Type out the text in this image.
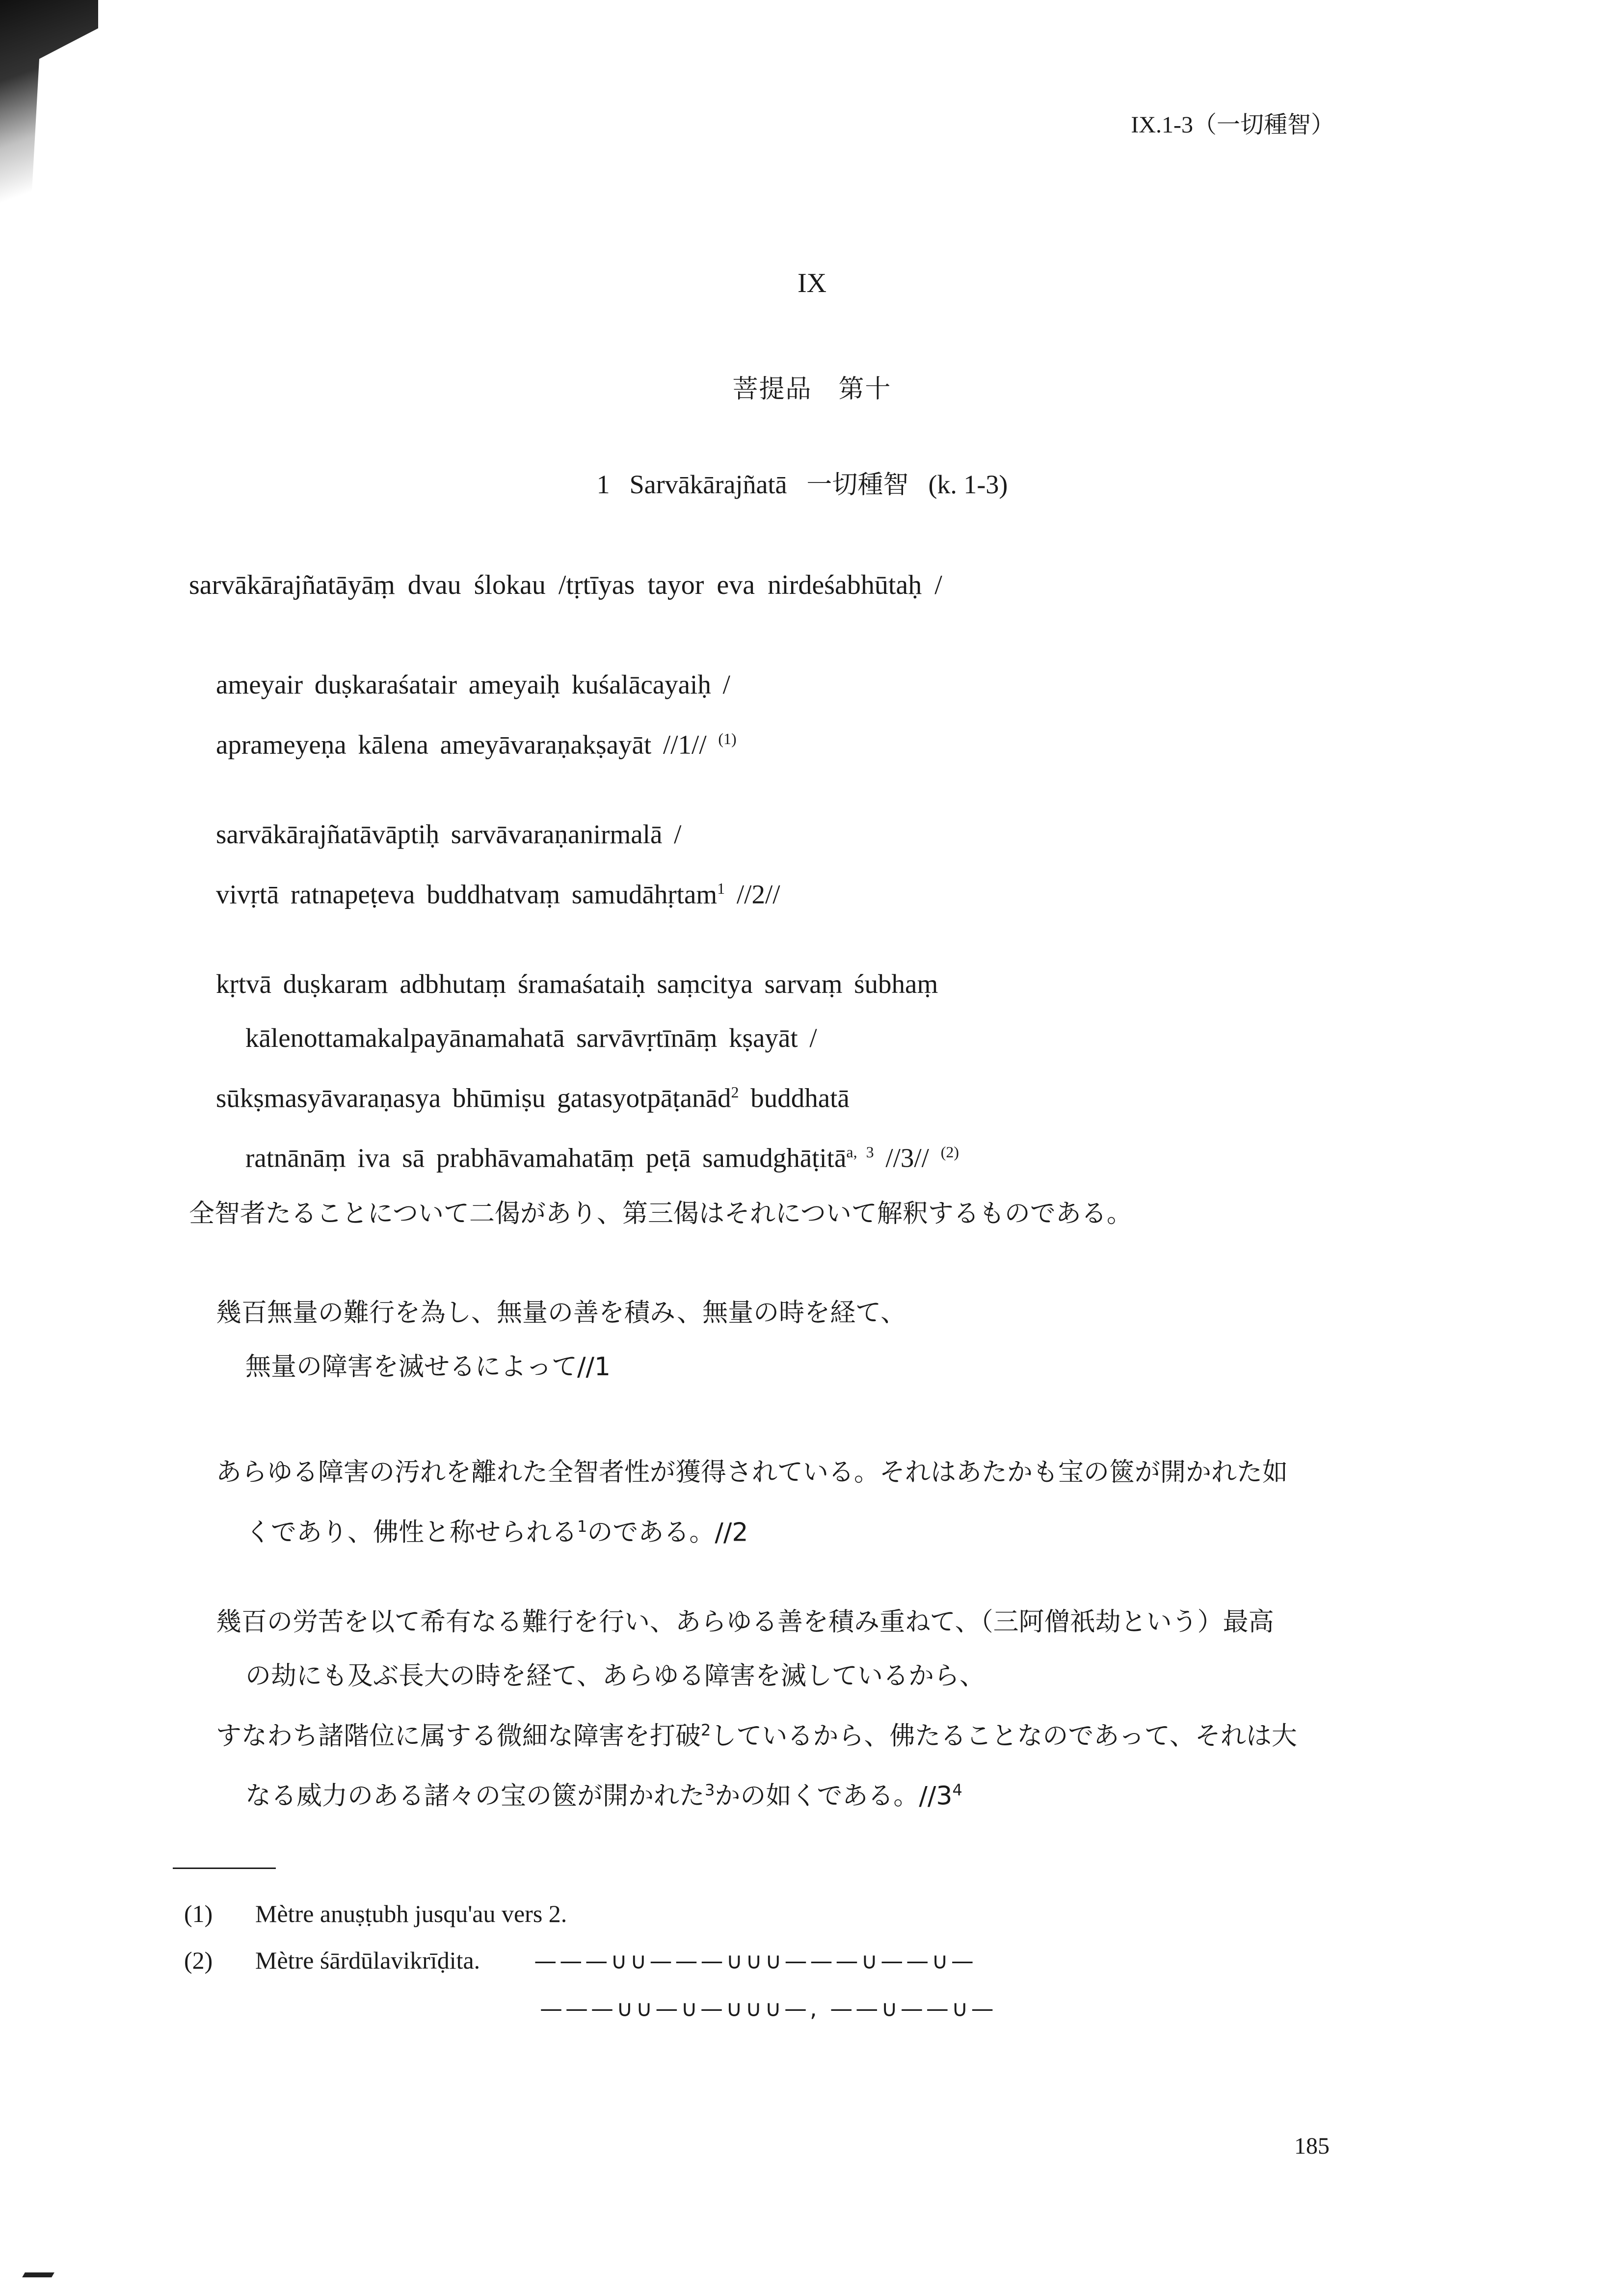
IX.1-3（一切種智）
IX
菩提品　第十
1 Sarvākārajñatā 一切種智 (k. 1-3)
sarvākārajñatāyāṃ dvau ślokau /tṛtīyas tayor eva nirdeśabhūtaḥ /
ameyair duṣkaraśatair ameyaiḥ kuśalācayaiḥ /
aprameyeṇa kālena ameyāvaraṇakṣayāt //1// $^{(1)}$
sarvākārajñatāvāptiḥ sarvāvaraṇanirmalā /
vivṛtā ratnapeṭeva buddhatvaṃ samudāhṛtam$^1$ //2//
kṛtvā duṣkaram adbhutaṃ śramaśataiḥ saṃcitya sarvaṃ śubhaṃ
kālenottamakalpayānamahatā sarvāvṛtīnāṃ kṣayāt /
sūkṣmasyāvaraṇasya bhūmiṣu gatasyotpāṭanād$^2$ buddhatā
ratnānāṃ iva sā prabhāvamahatāṃ peṭā samudghāṭitā$^{a, 3}$ //3// $^{(2)}$
全智者たることについて二偈があり、第三偈はそれについて解釈するものである。
幾百無量の難行を為し、無量の善を積み、無量の時を経て、
無量の障害を滅せるによって//1
あらゆる障害の汚れを離れた全智者性が獲得されている。それはあたかも宝の篋が開かれた如
くであり、佛性と称せられる$^1$のである。//2
幾百の労苦を以て希有なる難行を行い、あらゆる善を積み重ねて、（三阿僧祇劫という）最高
の劫にも及ぶ長大の時を経て、あらゆる障害を滅しているから、
すなわち諸階位に属する微細な障害を打破$^2$しているから、佛たることなのであって、それは大
なる威力のある諸々の宝の篋が開かれた$^3$かの如くである。$//3^4$
(1) Mètre anuṣṭubh jusqu'au vers 2.
(2) Mètre śārdūlavikrīḍita. ———∪∪———∪∪∪———∪——∪—
———∪∪—∪—∪∪∪—, ——∪——∪—
185
